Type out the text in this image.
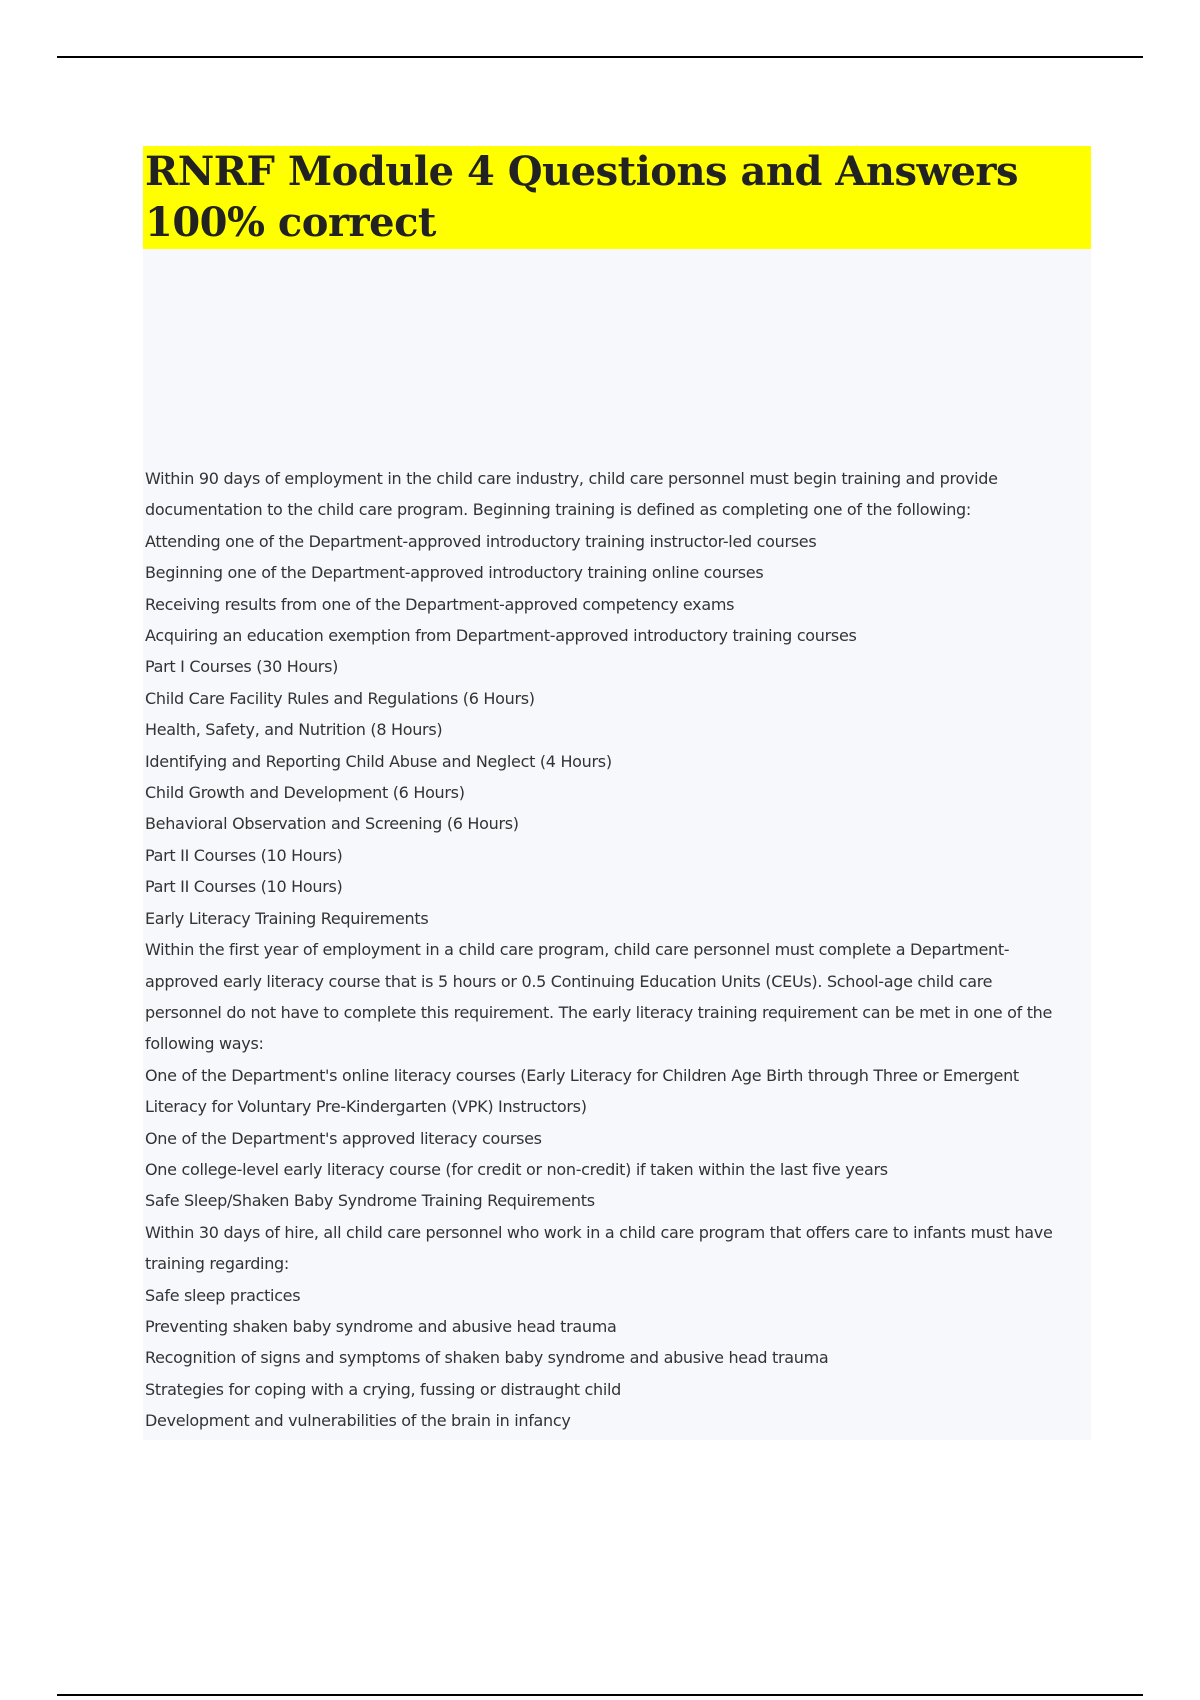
RNRF Module 4 Questions and Answers 100% correct
Within 90 days of employment in the child care industry, child care personnel must begin training and provide
documentation to the child care program. Beginning training is defined as completing one of the following:
Attending one of the Department-approved introductory training instructor-led courses
Beginning one of the Department-approved introductory training online courses
Receiving results from one of the Department-approved competency exams
Acquiring an education exemption from Department-approved introductory training courses
Part I Courses (30 Hours)
Child Care Facility Rules and Regulations (6 Hours)
Health, Safety, and Nutrition (8 Hours)
Identifying and Reporting Child Abuse and Neglect (4 Hours)
Child Growth and Development (6 Hours)
Behavioral Observation and Screening (6 Hours)
Part II Courses (10 Hours)
Part II Courses (10 Hours)
Early Literacy Training Requirements
Within the first year of employment in a child care program, child care personnel must complete a Department-
approved early literacy course that is 5 hours or 0.5 Continuing Education Units (CEUs). School-age child care
personnel do not have to complete this requirement. The early literacy training requirement can be met in one of the
following ways:
One of the Department's online literacy courses (Early Literacy for Children Age Birth through Three or Emergent
Literacy for Voluntary Pre-Kindergarten (VPK) Instructors)
One of the Department's approved literacy courses
One college-level early literacy course (for credit or non-credit) if taken within the last five years
Safe Sleep/Shaken Baby Syndrome Training Requirements
Within 30 days of hire, all child care personnel who work in a child care program that offers care to infants must have
training regarding:
Safe sleep practices
Preventing shaken baby syndrome and abusive head trauma
Recognition of signs and symptoms of shaken baby syndrome and abusive head trauma
Strategies for coping with a crying, fussing or distraught child
Development and vulnerabilities of the brain in infancy
